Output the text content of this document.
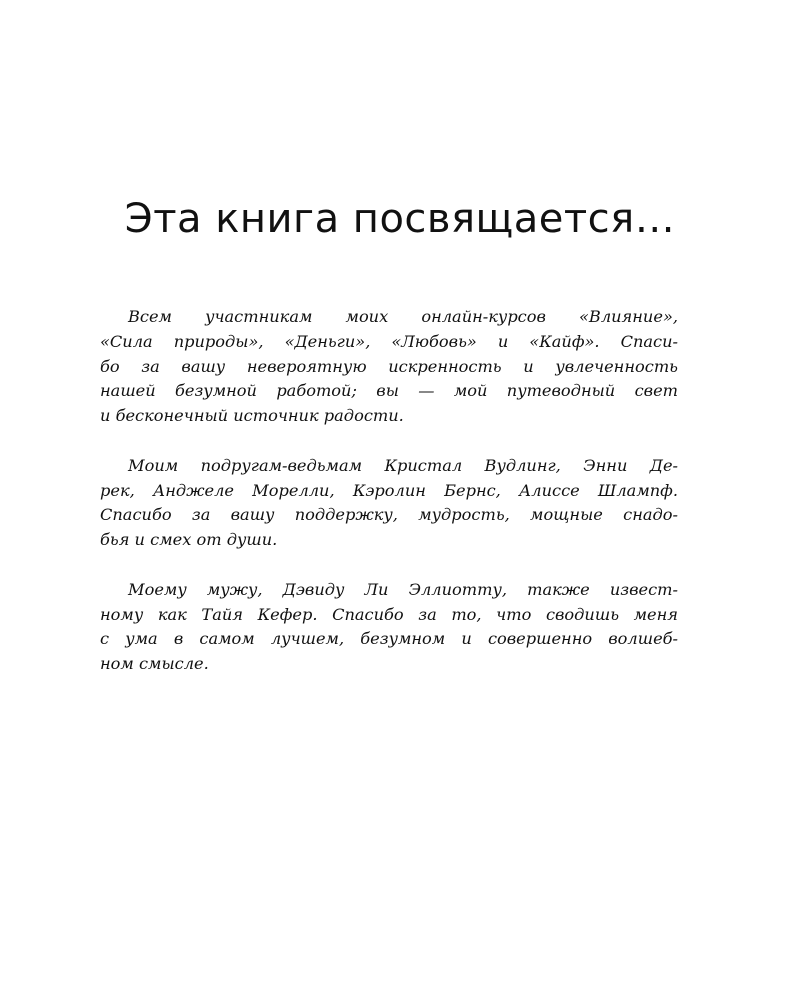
Эта книга посвящается…

Всем участникам моих онлайн-курсов «Влияние»,
«Сила природы», «Деньги», «Любовь» и «Кайф». Спаси-
бо за вашу невероятную искренность и увлеченность
нашей безумной работой; вы — мой путеводный свет
и бесконечный источник радости.

Моим подругам-ведьмам Кристал Вудлинг, Энни Де-
рек, Анджеле Морелли, Кэролин Бернс, Алиссе Шлампф.
Спасибо за вашу поддержку, мудрость, мощные снадо-
бья и смех от души.

Моему мужу, Дэвиду Ли Эллиотту, также извест-
ному как Тайя Кефер. Спасибо за то, что сводишь меня
с ума в самом лучшем, безумном и совершенно волшеб-
ном смысле.
